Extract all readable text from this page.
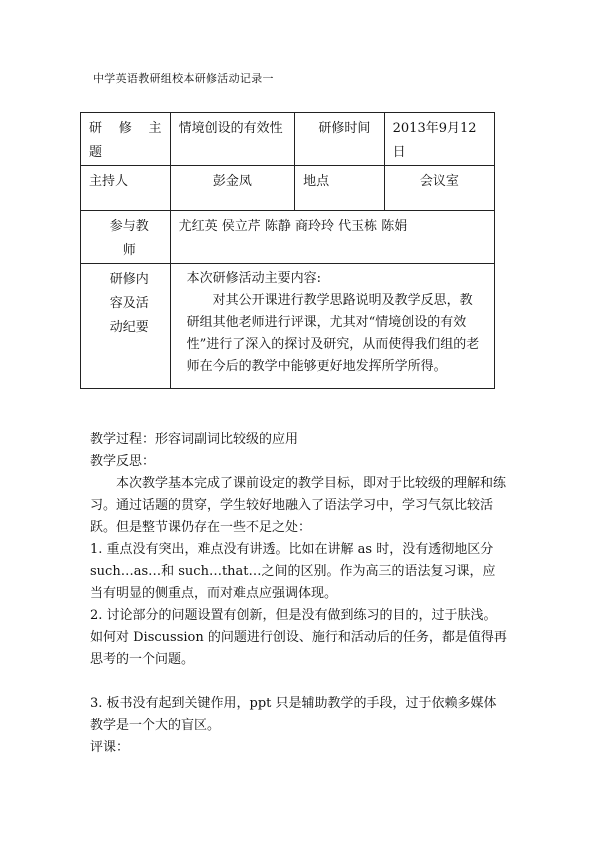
中学英语教研组校本研修活动记录一
研 修 主
题	情境创设的有效性	研修时间	2013年9月12日

主持人	彭金凤	地点	会议室

参与教师	尤红英 侯立芹 陈静 商玲玲 代玉栋 陈娟		

研修内容及活动纪要	本次研修活动主要内容:
对其公开课进行教学思路说明及教学反思，教研组其他老师进行评课，尤其对“情境创设的有效性”进行了深入的探讨及研究，从而使得我们组的老师在今后的教学中能够更好地发挥所学所得。		

教学过程：形容词副词比较级的应用

教学反思：

本次教学基本完成了课前设定的教学目标，即对于比较级的理解和练习。通过话题的贯穿，学生较好地融入了语法学习中，学习气氛比较活跃。但是整节课仍存在一些不足之处：

1. 重点没有突出，难点没有讲透。比如在讲解 as 时，没有透彻地区分 such…as…和 such…that…之间的区别。作为高三的语法复习课，应当有明显的侧重点，而对难点应强调体现。

2. 讨论部分的问题设置有创新，但是没有做到练习的目的，过于肤浅。如何对 Discussion 的问题进行创设、施行和活动后的任务，都是值得再思考的一个问题。

3. 板书没有起到关键作用，ppt 只是辅助教学的手段，过于依赖多媒体教学是一个大的盲区。

评课：
